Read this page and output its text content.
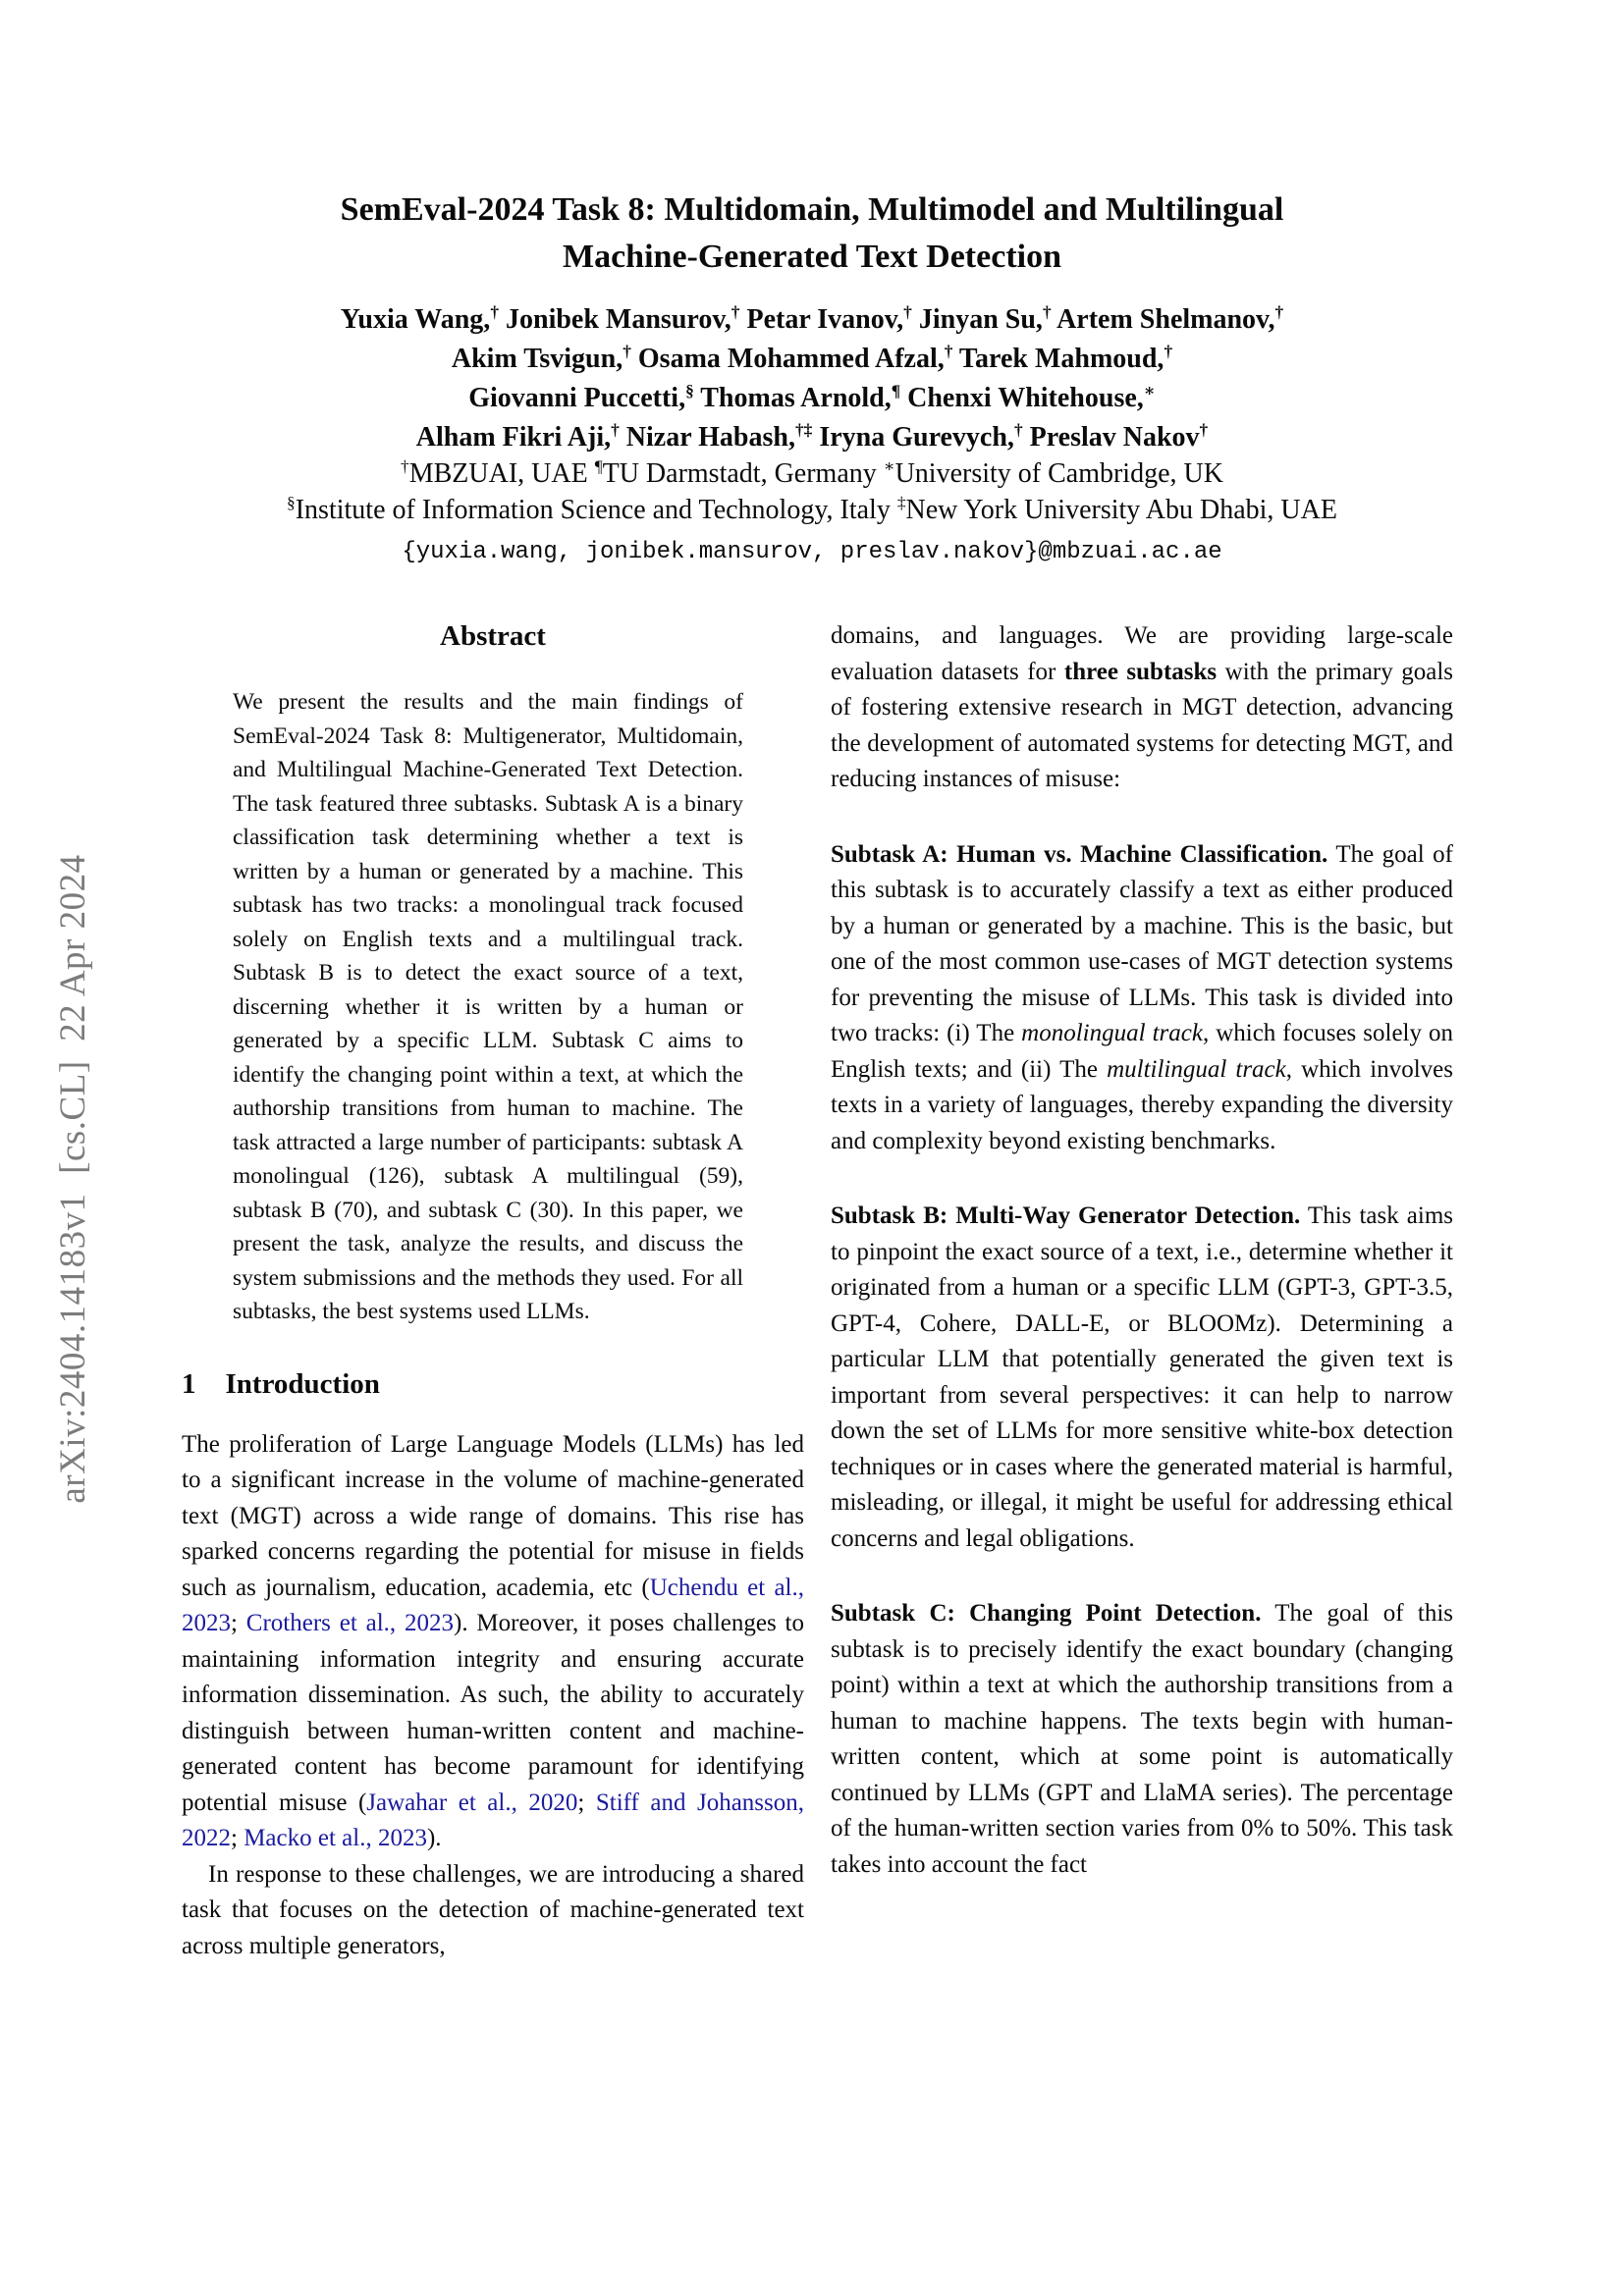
arXiv:2404.14183v1  [cs.CL]  22 Apr 2024
SemEval-2024 Task 8: Multidomain, Multimodel and Multilingual
Machine-Generated Text Detection
Yuxia Wang,† Jonibek Mansurov,† Petar Ivanov,† Jinyan Su,† Artem Shelmanov,†
Akim Tsvigun,† Osama Mohammed Afzal,† Tarek Mahmoud,†
Giovanni Puccetti,§ Thomas Arnold,¶ Chenxi Whitehouse,∗
Alham Fikri Aji,† Nizar Habash,†‡ Iryna Gurevych,† Preslav Nakov†
†MBZUAI, UAE ¶TU Darmstadt, Germany ∗University of Cambridge, UK
§Institute of Information Science and Technology, Italy ‡New York University Abu Dhabi, UAE
{yuxia.wang, jonibek.mansurov, preslav.nakov}@mbzuai.ac.ae
Abstract

We present the results and the main findings of SemEval-2024 Task 8: Multigenerator, Multidomain, and Multilingual Machine-Generated Text Detection. The task featured three subtasks. Subtask A is a binary classification task determining whether a text is written by a human or generated by a machine. This subtask has two tracks: a monolingual track focused solely on English texts and a multilingual track. Subtask B is to detect the exact source of a text, discerning whether it is written by a human or generated by a specific LLM. Subtask C aims to identify the changing point within a text, at which the authorship transitions from human to machine. The task attracted a large number of participants: subtask A monolingual (126), subtask A multilingual (59), subtask B (70), and subtask C (30). In this paper, we present the task, analyze the results, and discuss the system submissions and the methods they used. For all subtasks, the best systems used LLMs.

1 Introduction

The proliferation of Large Language Models (LLMs) has led to a significant increase in the volume of machine-generated text (MGT) across a wide range of domains. This rise has sparked concerns regarding the potential for misuse in fields such as journalism, education, academia, etc (Uchendu et al., 2023; Crothers et al., 2023). Moreover, it poses challenges to maintaining information integrity and ensuring accurate information dissemination. As such, the ability to accurately distinguish between human-written content and machine-generated content has become paramount for identifying potential misuse (Jawahar et al., 2020; Stiff and Johansson, 2022; Macko et al., 2023).

In response to these challenges, we are introducing a shared task that focuses on the detection of machine-generated text across multiple generators,

domains, and languages. We are providing large-scale evaluation datasets for three subtasks with the primary goals of fostering extensive research in MGT detection, advancing the development of automated systems for detecting MGT, and reducing instances of misuse:

Subtask A: Human vs. Machine Classification. The goal of this subtask is to accurately classify a text as either produced by a human or generated by a machine. This is the basic, but one of the most common use-cases of MGT detection systems for preventing the misuse of LLMs. This task is divided into two tracks: (i) The monolingual track, which focuses solely on English texts; and (ii) The multilingual track, which involves texts in a variety of languages, thereby expanding the diversity and complexity beyond existing benchmarks.

Subtask B: Multi-Way Generator Detection. This task aims to pinpoint the exact source of a text, i.e., determine whether it originated from a human or a specific LLM (GPT-3, GPT-3.5, GPT-4, Cohere, DALL-E, or BLOOMz). Determining a particular LLM that potentially generated the given text is important from several perspectives: it can help to narrow down the set of LLMs for more sensitive white-box detection techniques or in cases where the generated material is harmful, misleading, or illegal, it might be useful for addressing ethical concerns and legal obligations.

Subtask C: Changing Point Detection. The goal of this subtask is to precisely identify the exact boundary (changing point) within a text at which the authorship transitions from a human to machine happens. The texts begin with human-written content, which at some point is automatically continued by LLMs (GPT and LlaMA series). The percentage of the human-written section varies from 0% to 50%. This task takes into account the fact
